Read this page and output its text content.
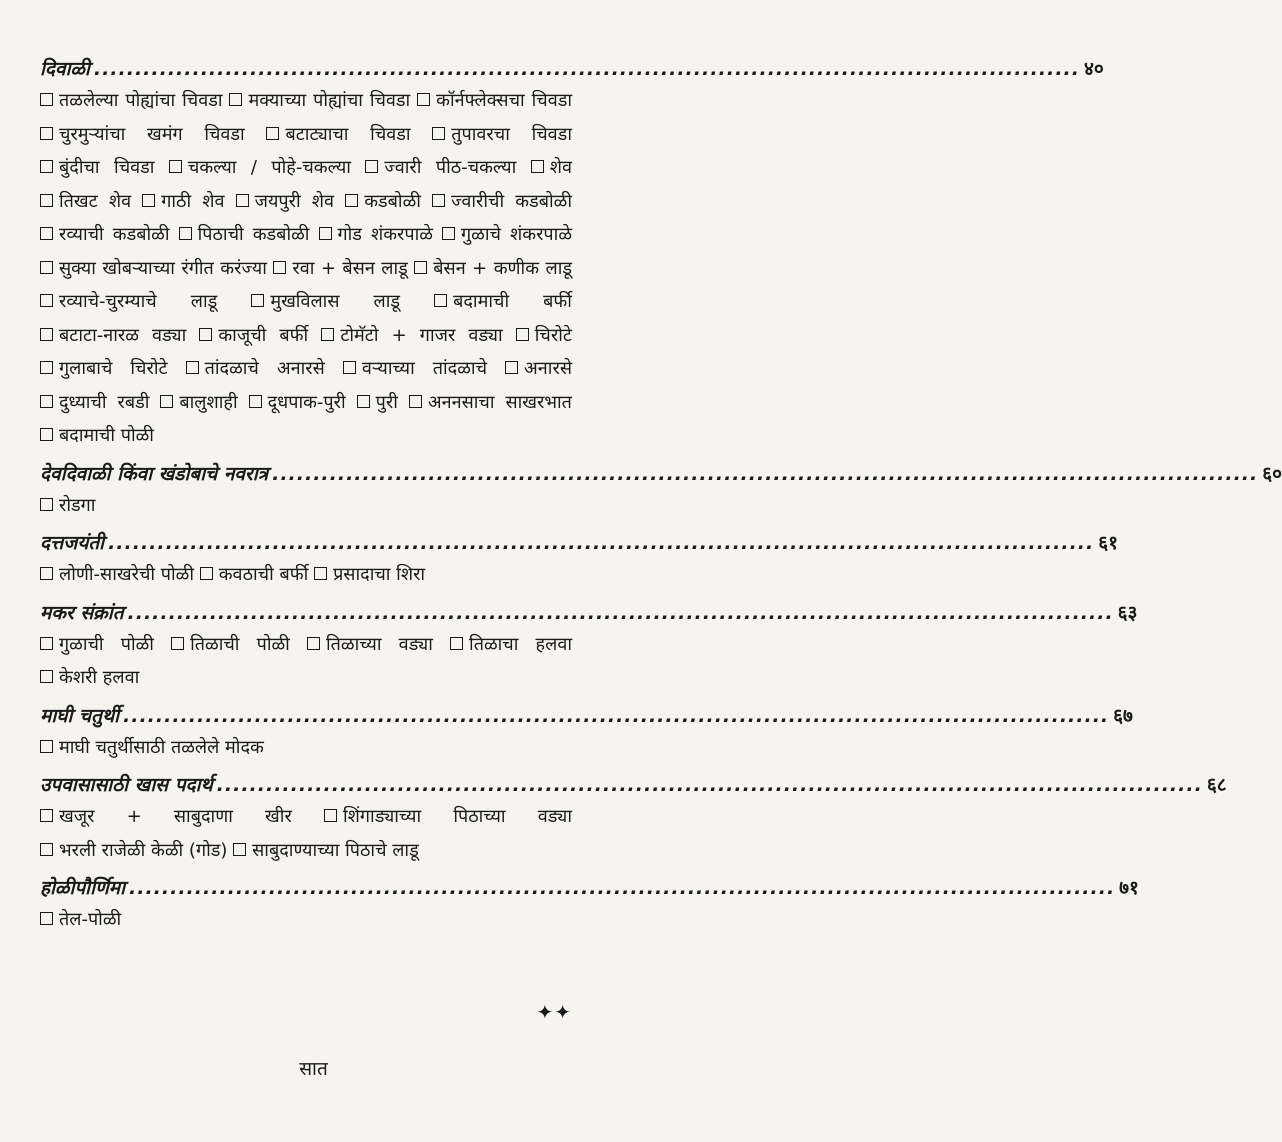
दिवाळी ........................................................................................................................ ४०
तळलेल्या पोह्यांचा चिवडा मक्याच्या पोह्यांचा चिवडा कॉर्नफ्लेक्सचा चिवडा चुरमुऱ्यांचा खमंग चिवडा बटाट्याचा चिवडा तुपावरचा चिवडा बुंदीचा चिवडा चकल्या / पोहे-चकल्या ज्वारी पीठ-चकल्या शेव तिखट शेव गाठी शेव जयपुरी शेव कडबोळी ज्वारीची कडबोळी रव्याची कडबोळी पिठाची कडबोळी गोड शंकरपाळे गुळाचे शंकरपाळे सुक्या खोबऱ्याच्या रंगीत करंज्या रवा + बेसन लाडू बेसन + कणीक लाडू रव्याचे-चुरम्याचे लाडू	मुखविलास लाडू	बदामाची बर्फी बटाटा-नारळ वड्या काजूची बर्फी टोमॅटो + गाजर वड्या चिरोटे गुलाबाचे चिरोटे तांदळाचे अनारसे वऱ्याच्या तांदळाचे अनारसे दुध्याची रबडी बालुशाही दूधपाक-पुरी पुरी अननसाचा साखरभात बदामाची पोळी
देवदिवाळी किंवा खंडोबाचे नवरात्र ........................................................................................................................ ६०
रोडगा
दत्तजयंती ........................................................................................................................ ६१
लोणी-साखरेची पोळी कवठाची बर्फी प्रसादाचा शिरा
मकर संक्रांत ........................................................................................................................ ६३
गुळाची पोळी तिळाची पोळी तिळाच्या वड्या तिळाचा हलवा केशरी हलवा
माघी चतुर्थी ........................................................................................................................ ६७
माघी चतुर्थीसाठी तळलेले मोदक
उपवासासाठी खास पदार्थ ........................................................................................................................ ६८
खजूर + साबुदाणा खीर	शिंगाड्याच्या पिठाच्या वड्या भरली राजेळी केळी (गोड) साबुदाण्याच्या पिठाचे लाडू
होळीपौर्णिमा ........................................................................................................................ ७१
तेल-पोळी
✦✦
सात
